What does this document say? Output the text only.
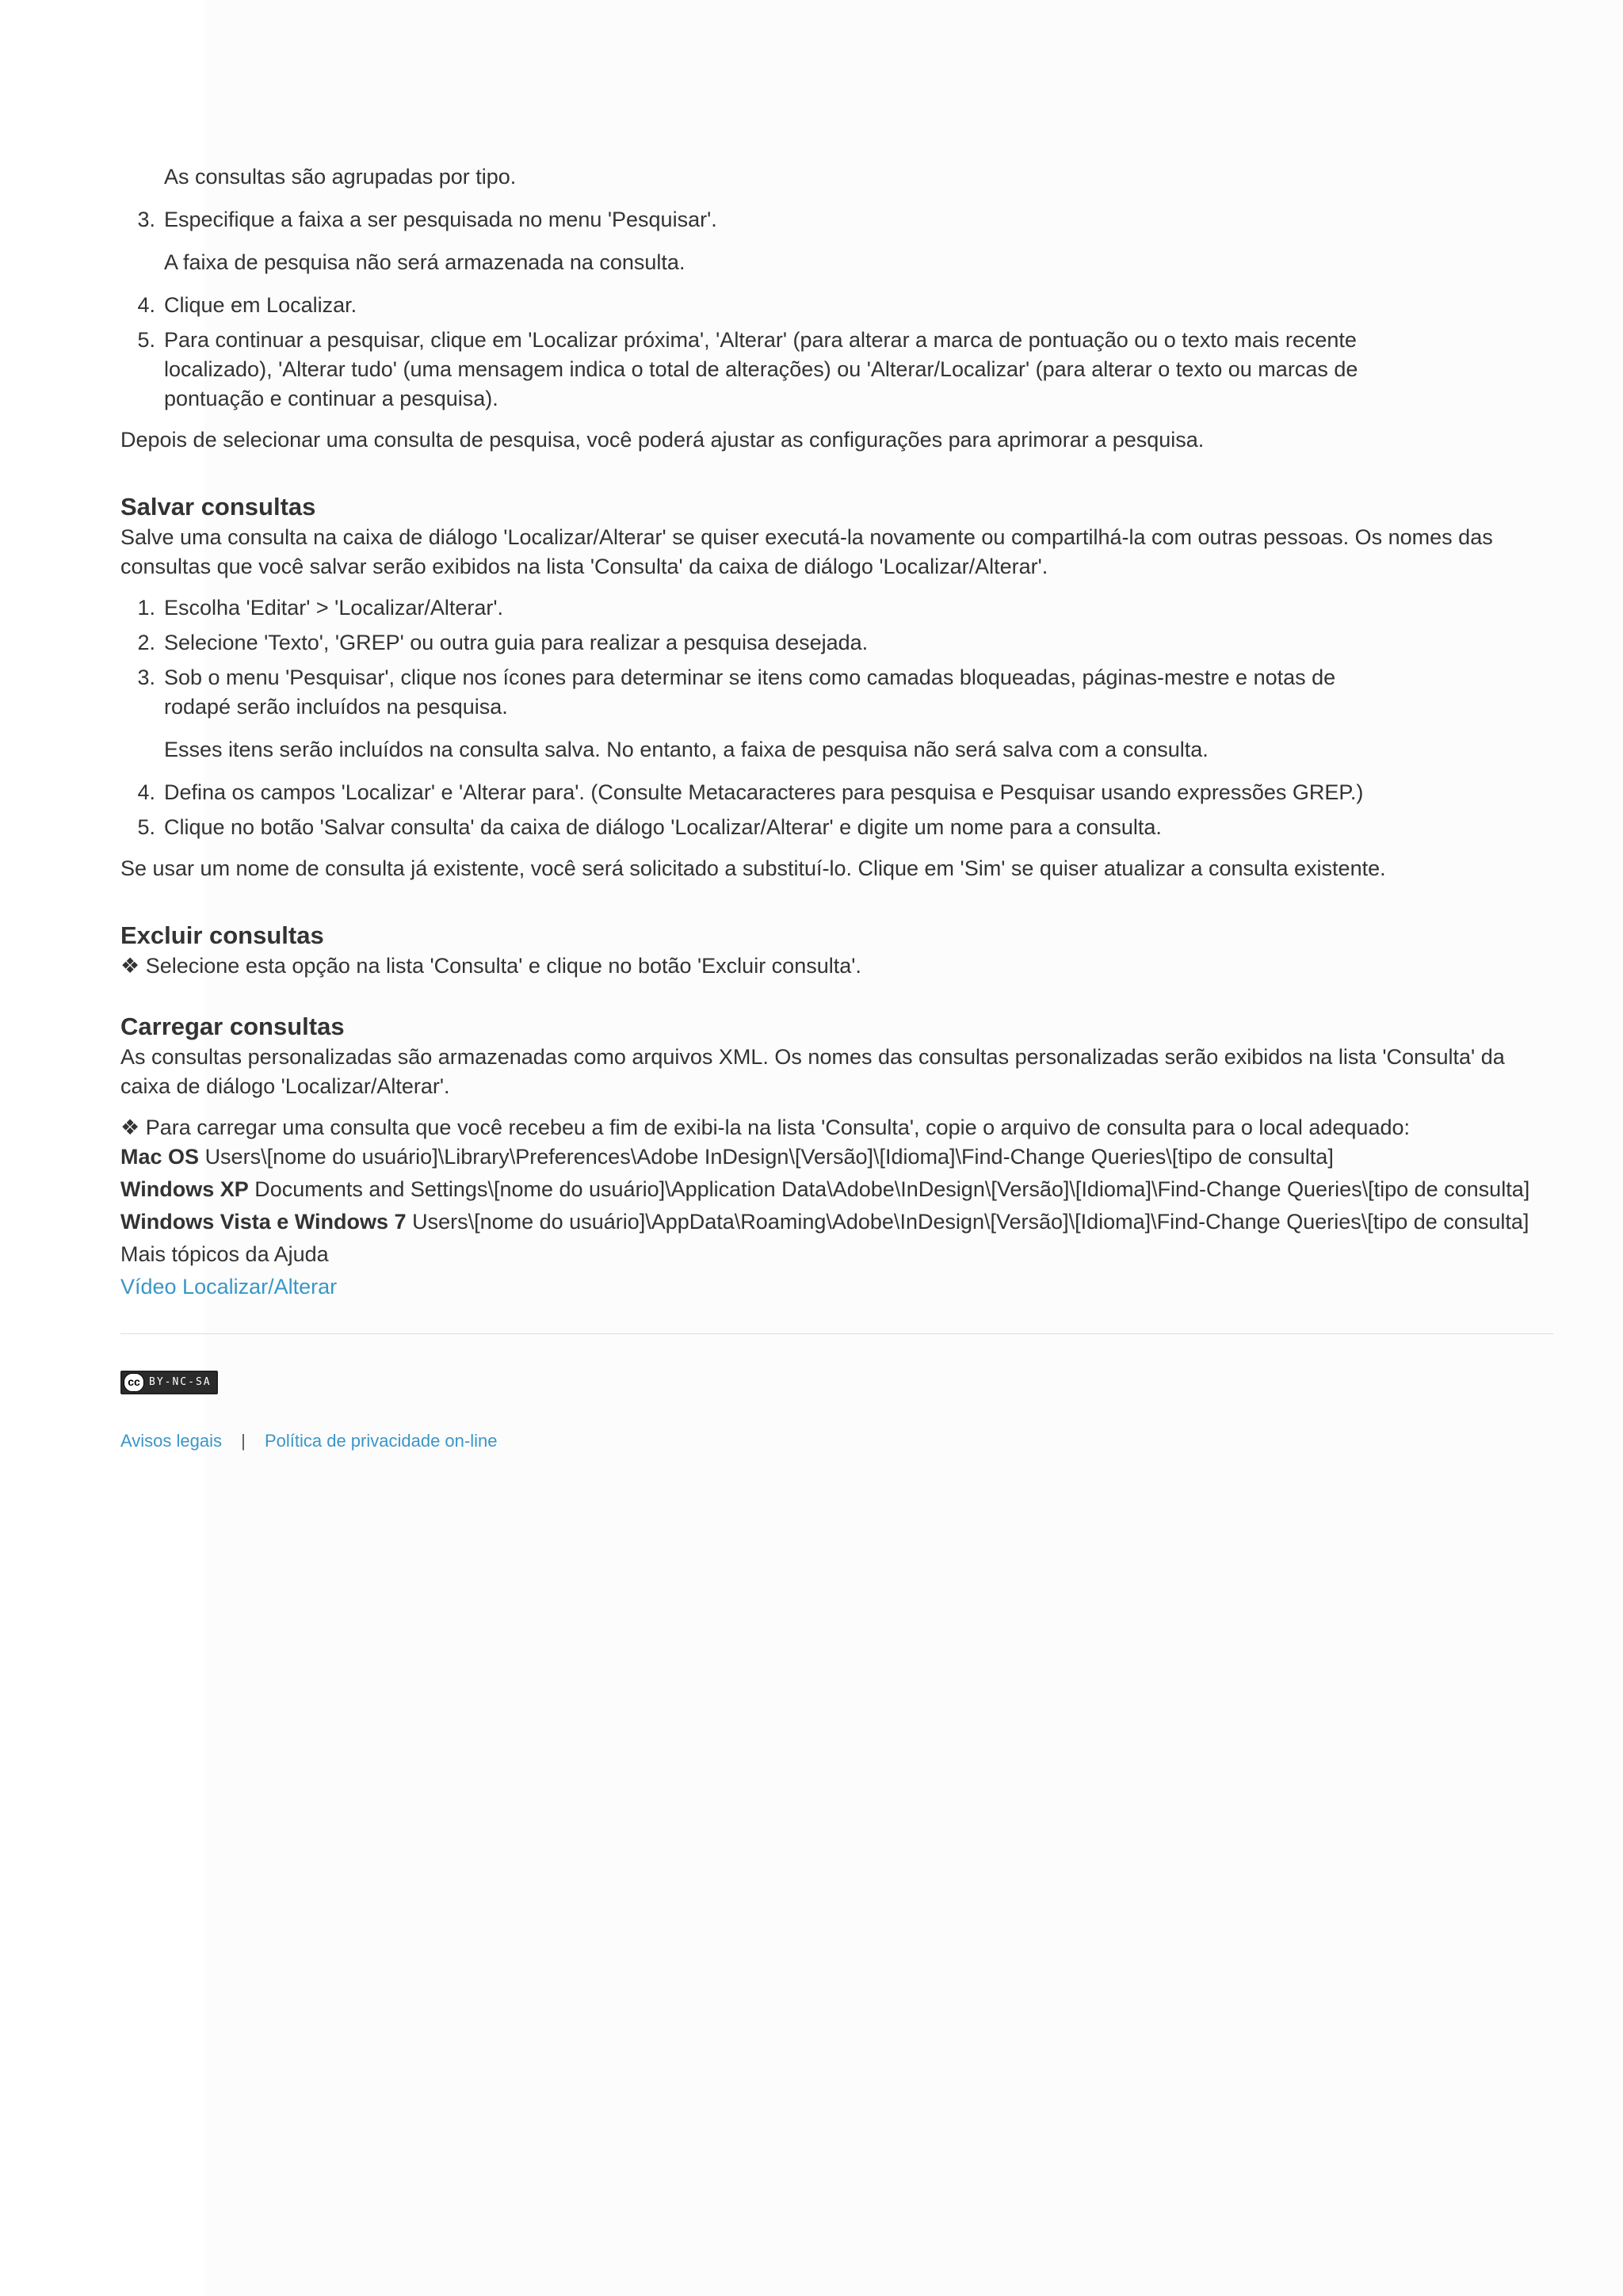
As consultas são agrupadas por tipo.

3. Especifique a faixa a ser pesquisada no menu 'Pesquisar'.
A faixa de pesquisa não será armazenada na consulta.
4. Clique em Localizar.
5. Para continuar a pesquisar, clique em 'Localizar próxima', 'Alterar' (para alterar a marca de pontuação ou o texto mais recente localizado), 'Alterar tudo' (uma mensagem indica o total de alterações) ou 'Alterar/Localizar' (para alterar o texto ou marcas de pontuação e continuar a pesquisa).

Depois de selecionar uma consulta de pesquisa, você poderá ajustar as configurações para aprimorar a pesquisa.

Salvar consultas

Salve uma consulta na caixa de diálogo 'Localizar/Alterar' se quiser executá-la novamente ou compartilhá-la com outras pessoas. Os nomes das consultas que você salvar serão exibidos na lista 'Consulta' da caixa de diálogo 'Localizar/Alterar'.

1. Escolha 'Editar' > 'Localizar/Alterar'.
2. Selecione 'Texto', 'GREP' ou outra guia para realizar a pesquisa desejada.
3. Sob o menu 'Pesquisar', clique nos ícones para determinar se itens como camadas bloqueadas, páginas-mestre e notas de rodapé serão incluídos na pesquisa.
Esses itens serão incluídos na consulta salva. No entanto, a faixa de pesquisa não será salva com a consulta.
4. Defina os campos 'Localizar' e 'Alterar para'. (Consulte Metacaracteres para pesquisa e Pesquisar usando expressões GREP.)
5. Clique no botão 'Salvar consulta' da caixa de diálogo 'Localizar/Alterar' e digite um nome para a consulta.

Se usar um nome de consulta já existente, você será solicitado a substituí-lo. Clique em 'Sim' se quiser atualizar a consulta existente.

Excluir consultas

❖ Selecione esta opção na lista 'Consulta' e clique no botão 'Excluir consulta'.

Carregar consultas

As consultas personalizadas são armazenadas como arquivos XML. Os nomes das consultas personalizadas serão exibidos na lista 'Consulta' da caixa de diálogo 'Localizar/Alterar'.

❖ Para carregar uma consulta que você recebeu a fim de exibi-la na lista 'Consulta', copie o arquivo de consulta para o local adequado:

Mac OS Users\[nome do usuário]\Library\Preferences\Adobe InDesign\[Versão]\[Idioma]\Find-Change Queries\[tipo de consulta]

Windows XP Documents and Settings\[nome do usuário]\Application Data\Adobe\InDesign\[Versão]\[Idioma]\Find-Change Queries\[tipo de consulta]

Windows Vista e Windows 7 Users\[nome do usuário]\AppData\Roaming\Adobe\InDesign\[Versão]\[Idioma]\Find-Change Queries\[tipo de consulta]

Mais tópicos da Ajuda

Vídeo Localizar/Alterar

cc BY-NC-SA
Avisos legais | Política de privacidade on-line
